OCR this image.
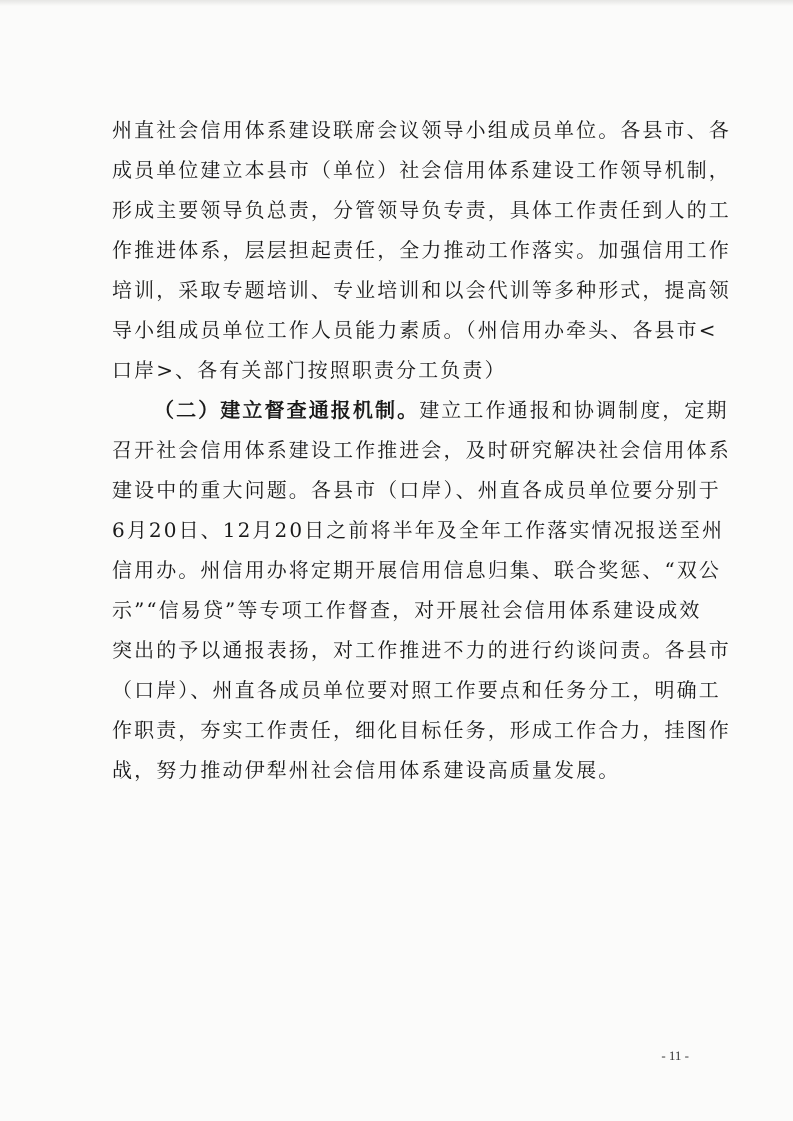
州直社会信用体系建设联席会议领导小组成员单位。各县市、各
成员单位建立本县市（单位）社会信用体系建设工作领导机制，
形成主要领导负总责，分管领导负专责，具体工作责任到人的工
作推进体系，层层担起责任，全力推动工作落实。加强信用工作
培训，采取专题培训、专业培训和以会代训等多种形式，提高领
导小组成员单位工作人员能力素质。（州信用办牵头、各县市<
口岸>、各有关部门按照职责分工负责）
（二）建立督查通报机制。建立工作通报和协调制度，定期
召开社会信用体系建设工作推进会，及时研究解决社会信用体系
建设中的重大问题。各县市（口岸）、州直各成员单位要分别于
6月20日、12月20日之前将半年及全年工作落实情况报送至州
信用办。州信用办将定期开展信用信息归集、联合奖惩、“双公
示”“信易贷”等专项工作督查，对开展社会信用体系建设成效
突出的予以通报表扬，对工作推进不力的进行约谈问责。各县市
（口岸）、州直各成员单位要对照工作要点和任务分工，明确工
作职责，夯实工作责任，细化目标任务，形成工作合力，挂图作
战，努力推动伊犁州社会信用体系建设高质量发展。
- 11 -
